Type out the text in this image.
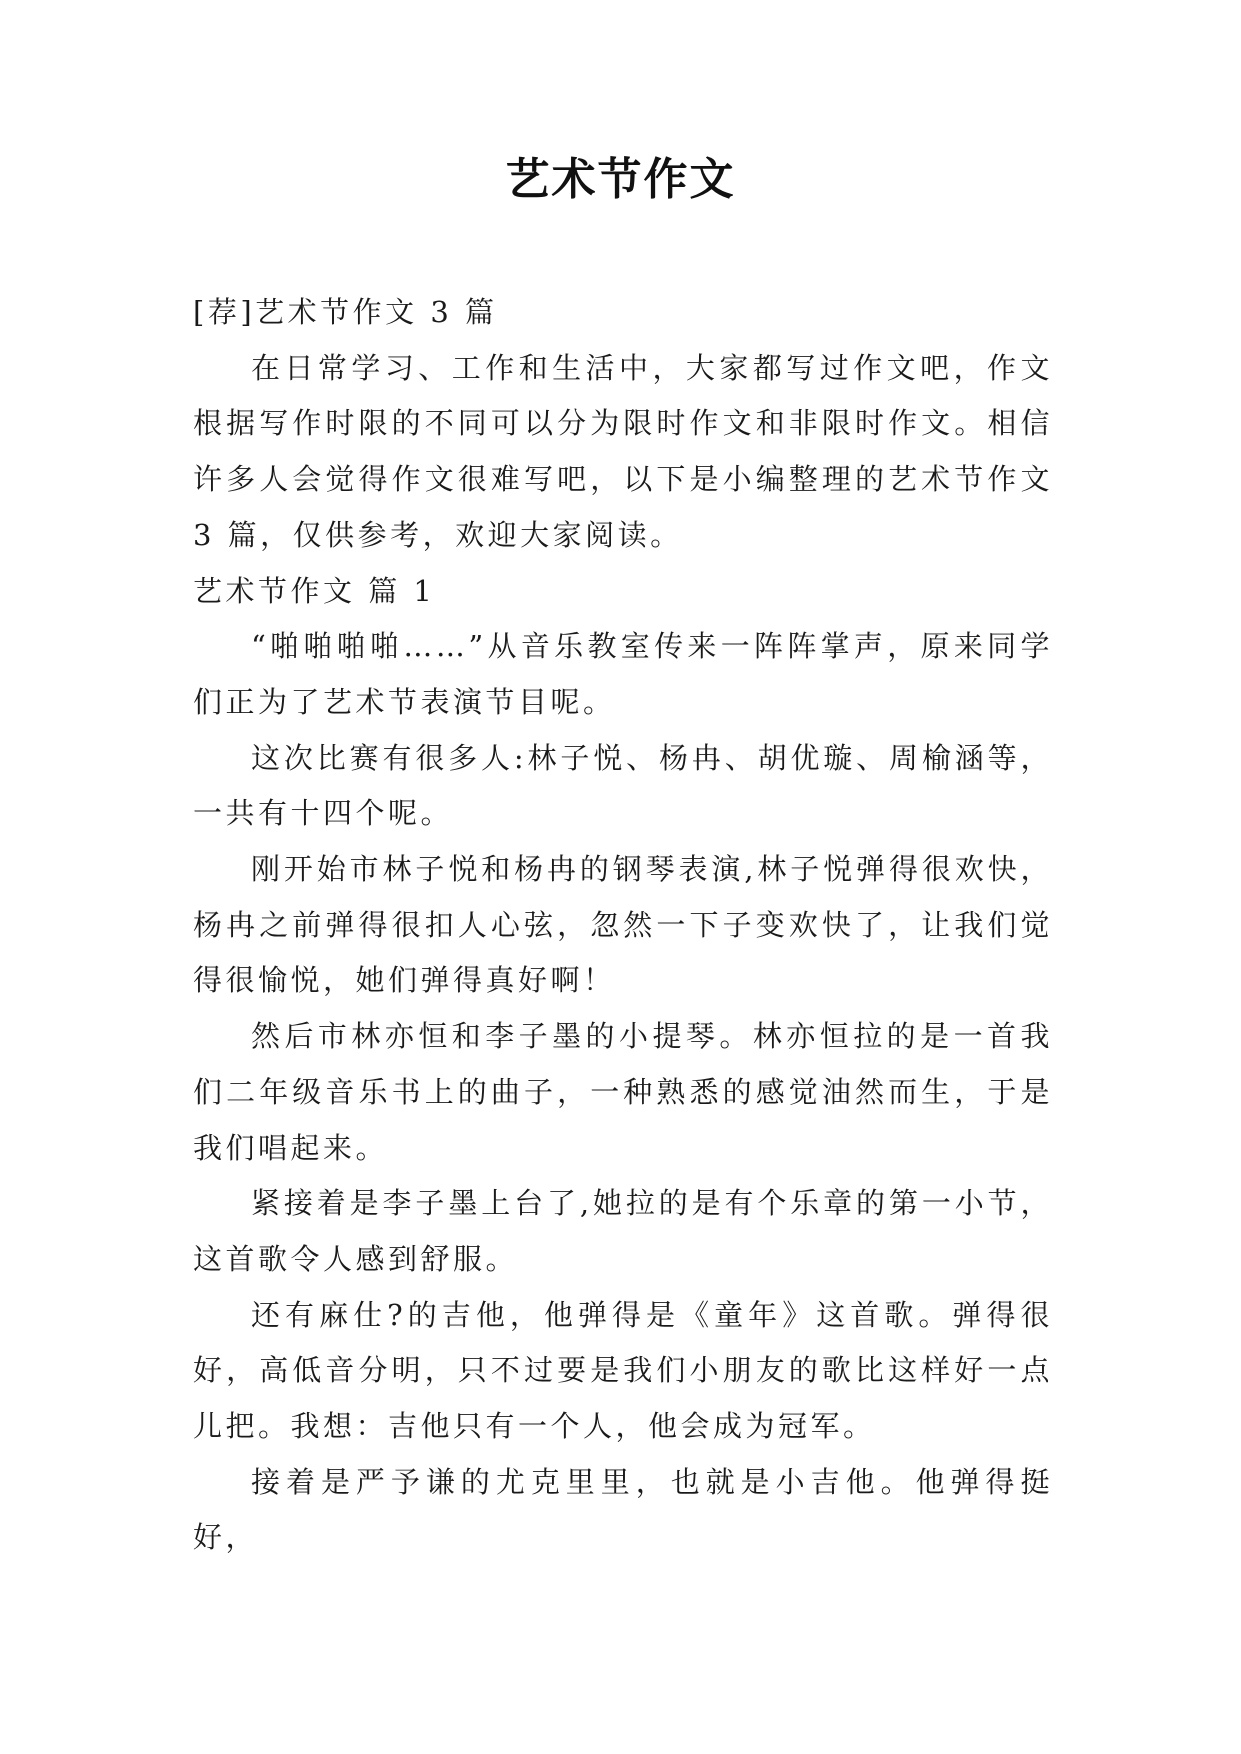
艺术节作文

[荐]艺术节作文 3 篇

在日常学习、工作和生活中，大家都写过作文吧，作文根据写作时限的不同可以分为限时作文和非限时作文。相信许多人会觉得作文很难写吧，以下是小编整理的艺术节作文 3 篇，仅供参考，欢迎大家阅读。

艺术节作文 篇 1

“啪啪啪啪……”从音乐教室传来一阵阵掌声，原来同学们正为了艺术节表演节目呢。

这次比赛有很多人:林子悦、杨冉、胡优璇、周榆涵等，一共有十四个呢。

刚开始市林子悦和杨冉的钢琴表演,林子悦弹得很欢快，杨冉之前弹得很扣人心弦，忽然一下子变欢快了，让我们觉得很愉悦，她们弹得真好啊！

然后市林亦恒和李子墨的小提琴。林亦恒拉的是一首我们二年级音乐书上的曲子，一种熟悉的感觉油然而生，于是我们唱起来。

紧接着是李子墨上台了,她拉的是有个乐章的第一小节，这首歌令人感到舒服。

还有麻仕?的吉他，他弹得是《童年》这首歌。弹得很好，高低音分明，只不过要是我们小朋友的歌比这样好一点儿把。我想：吉他只有一个人，他会成为冠军。

接着是严予谦的尤克里里，也就是小吉他。他弹得挺好，
